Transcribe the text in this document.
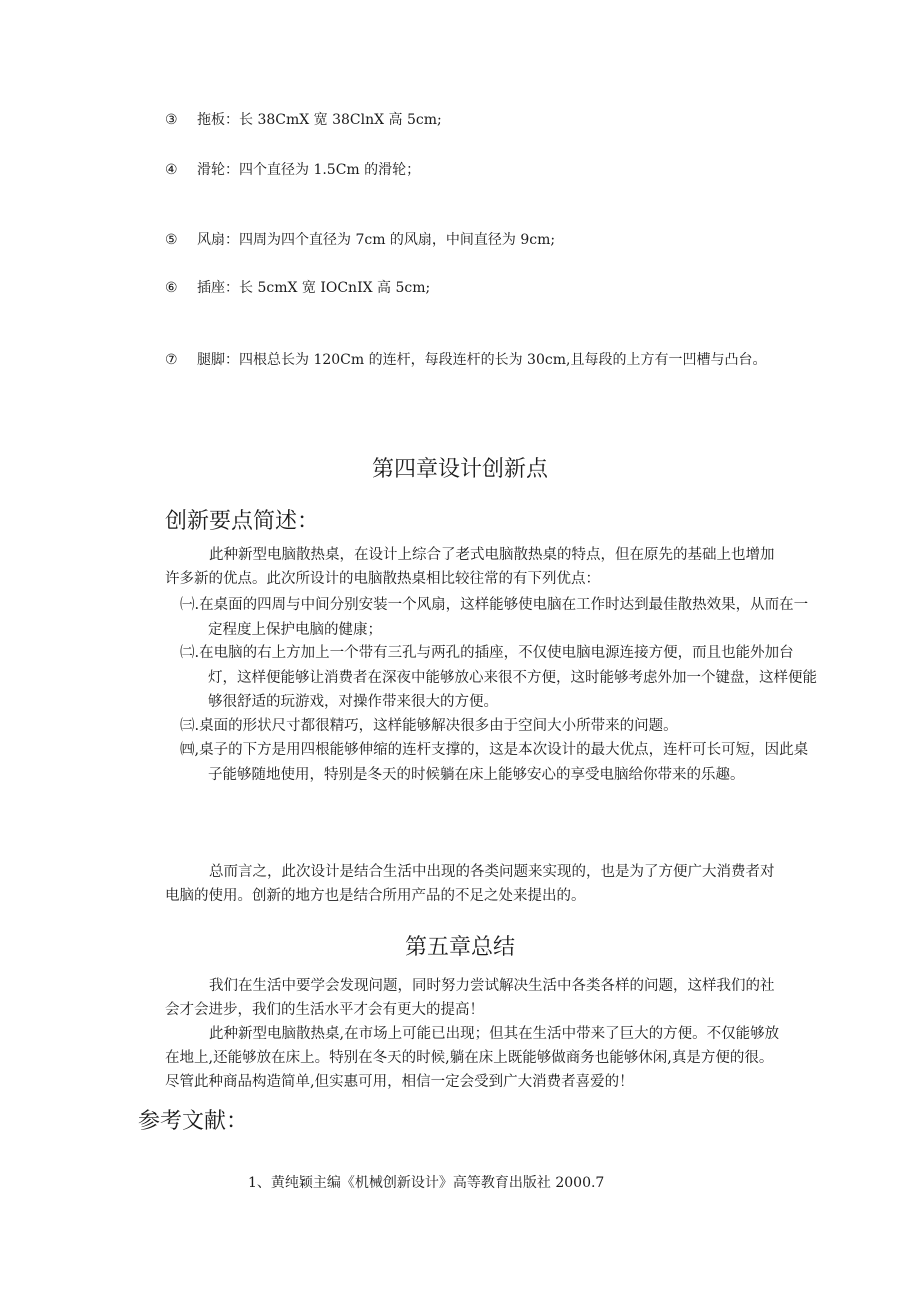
③ 拖板：长 38CmX 宽 38ClnX 高 5cm;
④ 滑轮：四个直径为 1.5Cm 的滑轮；
⑤ 风扇：四周为四个直径为 7cm 的风扇，中间直径为 9cm;
⑥ 插座：长 5cmX 宽 IOCnIX 高 5cm;
⑦ 腿脚：四根总长为 120Cm 的连杆，每段连杆的长为 30cm,且每段的上方有一凹槽与凸台。
第四章设计创新点
创新要点简述：
此种新型电脑散热桌，在设计上综合了老式电脑散热桌的特点，但在原先的基础上也增加许多新的优点。此次所设计的电脑散热桌相比较往常的有下列优点：
㈠.在桌面的四周与中间分别安装一个风扇，这样能够使电脑在工作时达到最佳散热效果，从而在一定程度上保护电脑的健康；
㈡.在电脑的右上方加上一个带有三孔与两孔的插座，不仅使电脑电源连接方便，而且也能外加台灯，这样便能够让消费者在深夜中能够放心来很不方便，这时能够考虑外加一个键盘，这样便能够很舒适的玩游戏，对操作带来很大的方便。
㈢.桌面的形状尺寸都很精巧，这样能够解决很多由于空间大小所带来的问题。
㈣,桌子的下方是用四根能够伸缩的连杆支撑的，这是本次设计的最大优点，连杆可长可短，因此桌子能够随地使用，特别是冬天的时候躺在床上能够安心的享受电脑给你带来的乐趣。
总而言之，此次设计是结合生活中出现的各类问题来实现的，也是为了方便广大消费者对电脑的使用。创新的地方也是结合所用产品的不足之处来提出的。
第五章总结
我们在生活中要学会发现问题，同时努力尝试解决生活中各类各样的问题，这样我们的社会才会进步，我们的生活水平才会有更大的提高！
此种新型电脑散热桌,在市场上可能已出现；但其在生活中带来了巨大的方便。不仅能够放在地上,还能够放在床上。特别在冬天的时候,躺在床上既能够做商务也能够休闲,真是方便的很。尽管此种商品构造简单,但实惠可用，相信一定会受到广大消费者喜爱的！
参考文献：
1、黄纯颖主编《机械创新设计》高等教育出版社 2000.7
